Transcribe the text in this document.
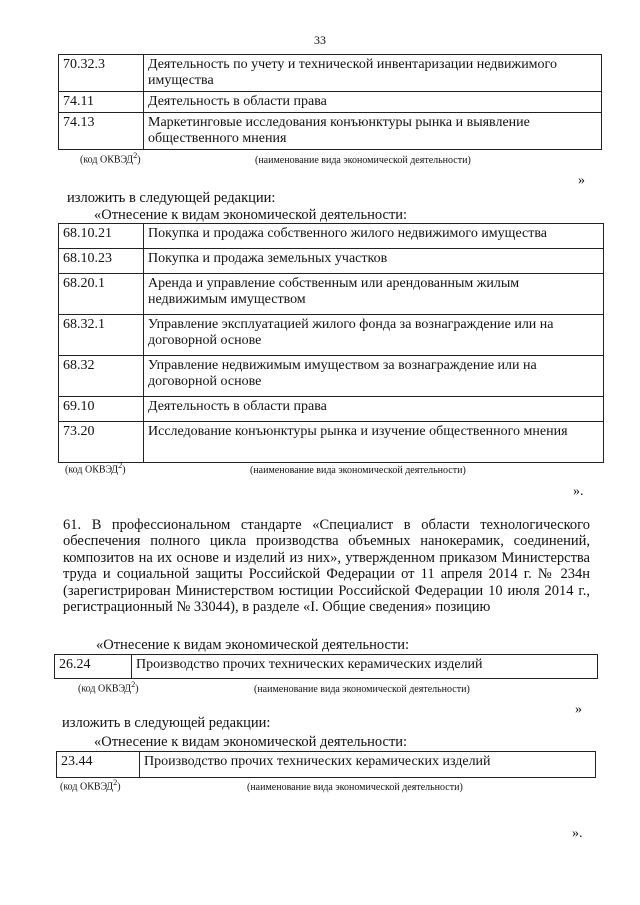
33
70.32.3	Деятельность по учету и технической инвентаризации недвижимого имущества
74.11	Деятельность в области права
74.13	Маркетинговые исследования конъюнктуры рынка и выявление общественного мнения
(код ОКВЭД$^2$)	(наименование вида экономической деятельности)
»
изложить в следующей редакции:
«Отнесение к видам экономической деятельности:
68.10.21	Покупка и продажа собственного жилого недвижимого имущества
68.10.23	Покупка и продажа земельных участков
68.20.1	Аренда и управление собственным или арендованным жилым недвижимым имуществом
68.32.1	Управление эксплуатацией жилого фонда за вознаграждение или на договорной основе
68.32	Управление недвижимым имуществом за вознаграждение или на договорной основе
69.10	Деятельность в области права
73.20	Исследование конъюнктуры рынка и изучение общественного мнения
(код ОКВЭД$^2$)	(наименование вида экономической деятельности)
».
61. В профессиональном стандарте «Специалист в области технологического обеспечения полного цикла производства объемных нанокерамик, соединений, композитов на их основе и изделий из них», утвержденном приказом Министерства труда и социальной защиты Российской Федерации от 11 апреля 2014 г. № 234н (зарегистрирован Министерством юстиции Российской Федерации 10 июля 2014 г., регистрационный № 33044), в разделе «I. Общие сведения» позицию
«Отнесение к видам экономической деятельности:
26.24	Производство прочих технических керамических изделий
(код ОКВЭД$^2$)	(наименование вида экономической деятельности)
»
изложить в следующей редакции:
«Отнесение к видам экономической деятельности:
23.44	Производство прочих технических керамических изделий
(код ОКВЭД$^2$)	(наименование вида экономической деятельности)
».
